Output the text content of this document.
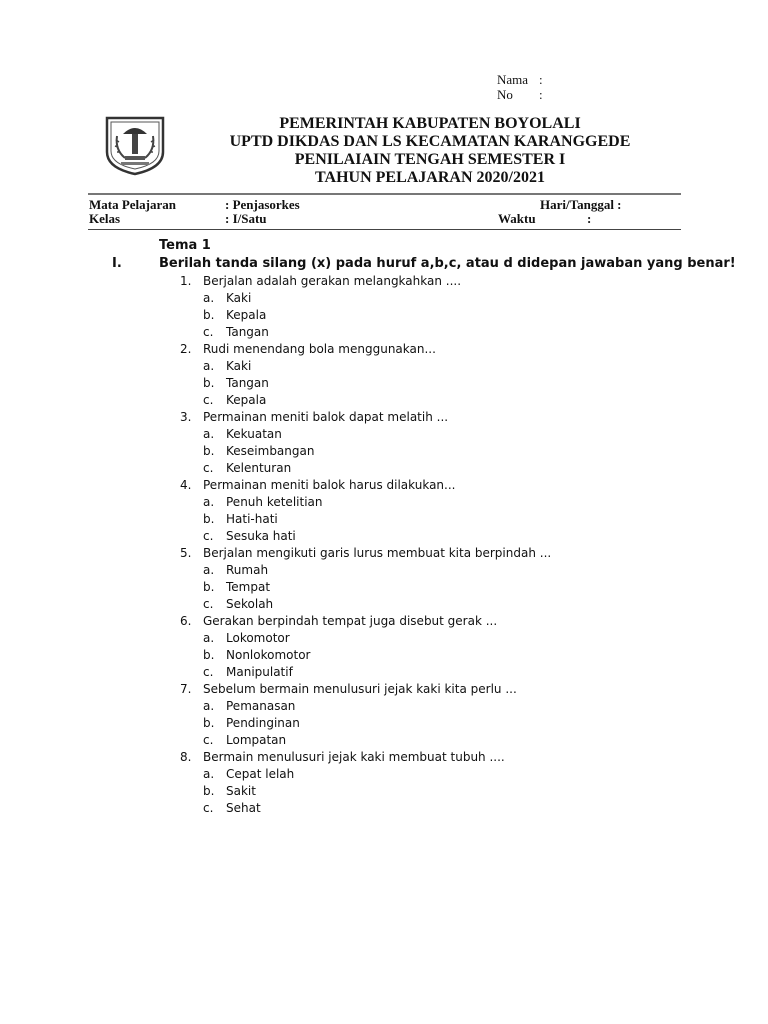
Nama :
No	:
PEMERINTAH KABUPATEN BOYOLALI
UPTD DIKDAS DAN LS KECAMATAN KARANGGEDE
PENILAIAIN TENGAH SEMESTER I
TAHUN PELAJARAN 2020/2021
Mata Pelajaran	: Penjasorkes
Kelas	: I/Satu
Hari/Tanggal :
Waktu	:
Tema 1
I.	Berilah tanda silang (x) pada huruf a,b,c, atau d didepan jawaban yang benar!
1. Berjalan adalah gerakan melangkahkan ....
a. Kaki
b. Kepala
c. Tangan
2. Rudi menendang bola menggunakan...
a. Kaki
b. Tangan
c. Kepala
3. Permainan meniti balok dapat melatih ...
a. Kekuatan
b. Keseimbangan
c. Kelenturan
4. Permainan meniti balok harus dilakukan...
a. Penuh ketelitian
b. Hati-hati
c. Sesuka hati
5. Berjalan mengikuti garis lurus membuat kita berpindah ...
a. Rumah
b. Tempat
c. Sekolah
6. Gerakan berpindah tempat juga disebut gerak ...
a. Lokomotor
b. Nonlokomotor
c. Manipulatif
7. Sebelum bermain menulusuri jejak kaki kita perlu ...
a. Pemanasan
b. Pendinginan
c. Lompatan
8. Bermain menulusuri jejak kaki membuat tubuh ....
a. Cepat lelah
b. Sakit
c. Sehat
